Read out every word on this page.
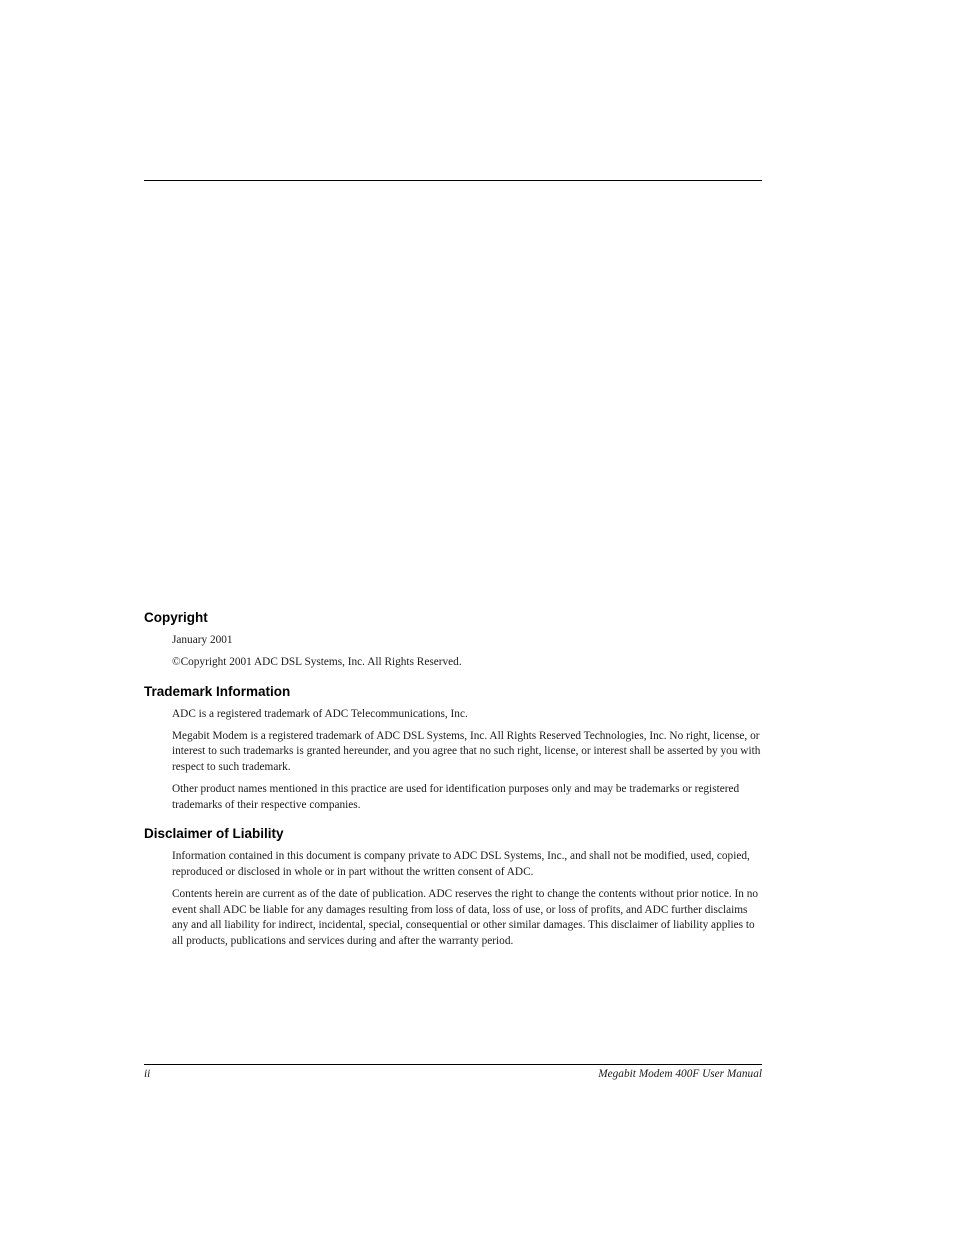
Copyright

January 2001

©Copyright 2001 ADC DSL Systems, Inc. All Rights Reserved.

Trademark Information

ADC is a registered trademark of ADC Telecommunications, Inc.

Megabit Modem is a registered trademark of ADC DSL Systems, Inc. All Rights Reserved Technologies, Inc. No right, license, or interest to such trademarks is granted hereunder, and you agree that no such right, license, or interest shall be asserted by you with respect to such trademark.

Other product names mentioned in this practice are used for identification purposes only and may be trademarks or registered trademarks of their respective companies.

Disclaimer of Liability

Information contained in this document is company private to ADC DSL Systems, Inc., and shall not be modified, used, copied, reproduced or disclosed in whole or in part without the written consent of ADC.

Contents herein are current as of the date of publication. ADC reserves the right to change the contents without prior notice. In no event shall ADC be liable for any damages resulting from loss of data, loss of use, or loss of profits, and ADC further disclaims any and all liability for indirect, incidental, special, consequential or other similar damages. This disclaimer of liability applies to all products, publications and services during and after the warranty period.

ii	Megabit Modem 400F User Manual
